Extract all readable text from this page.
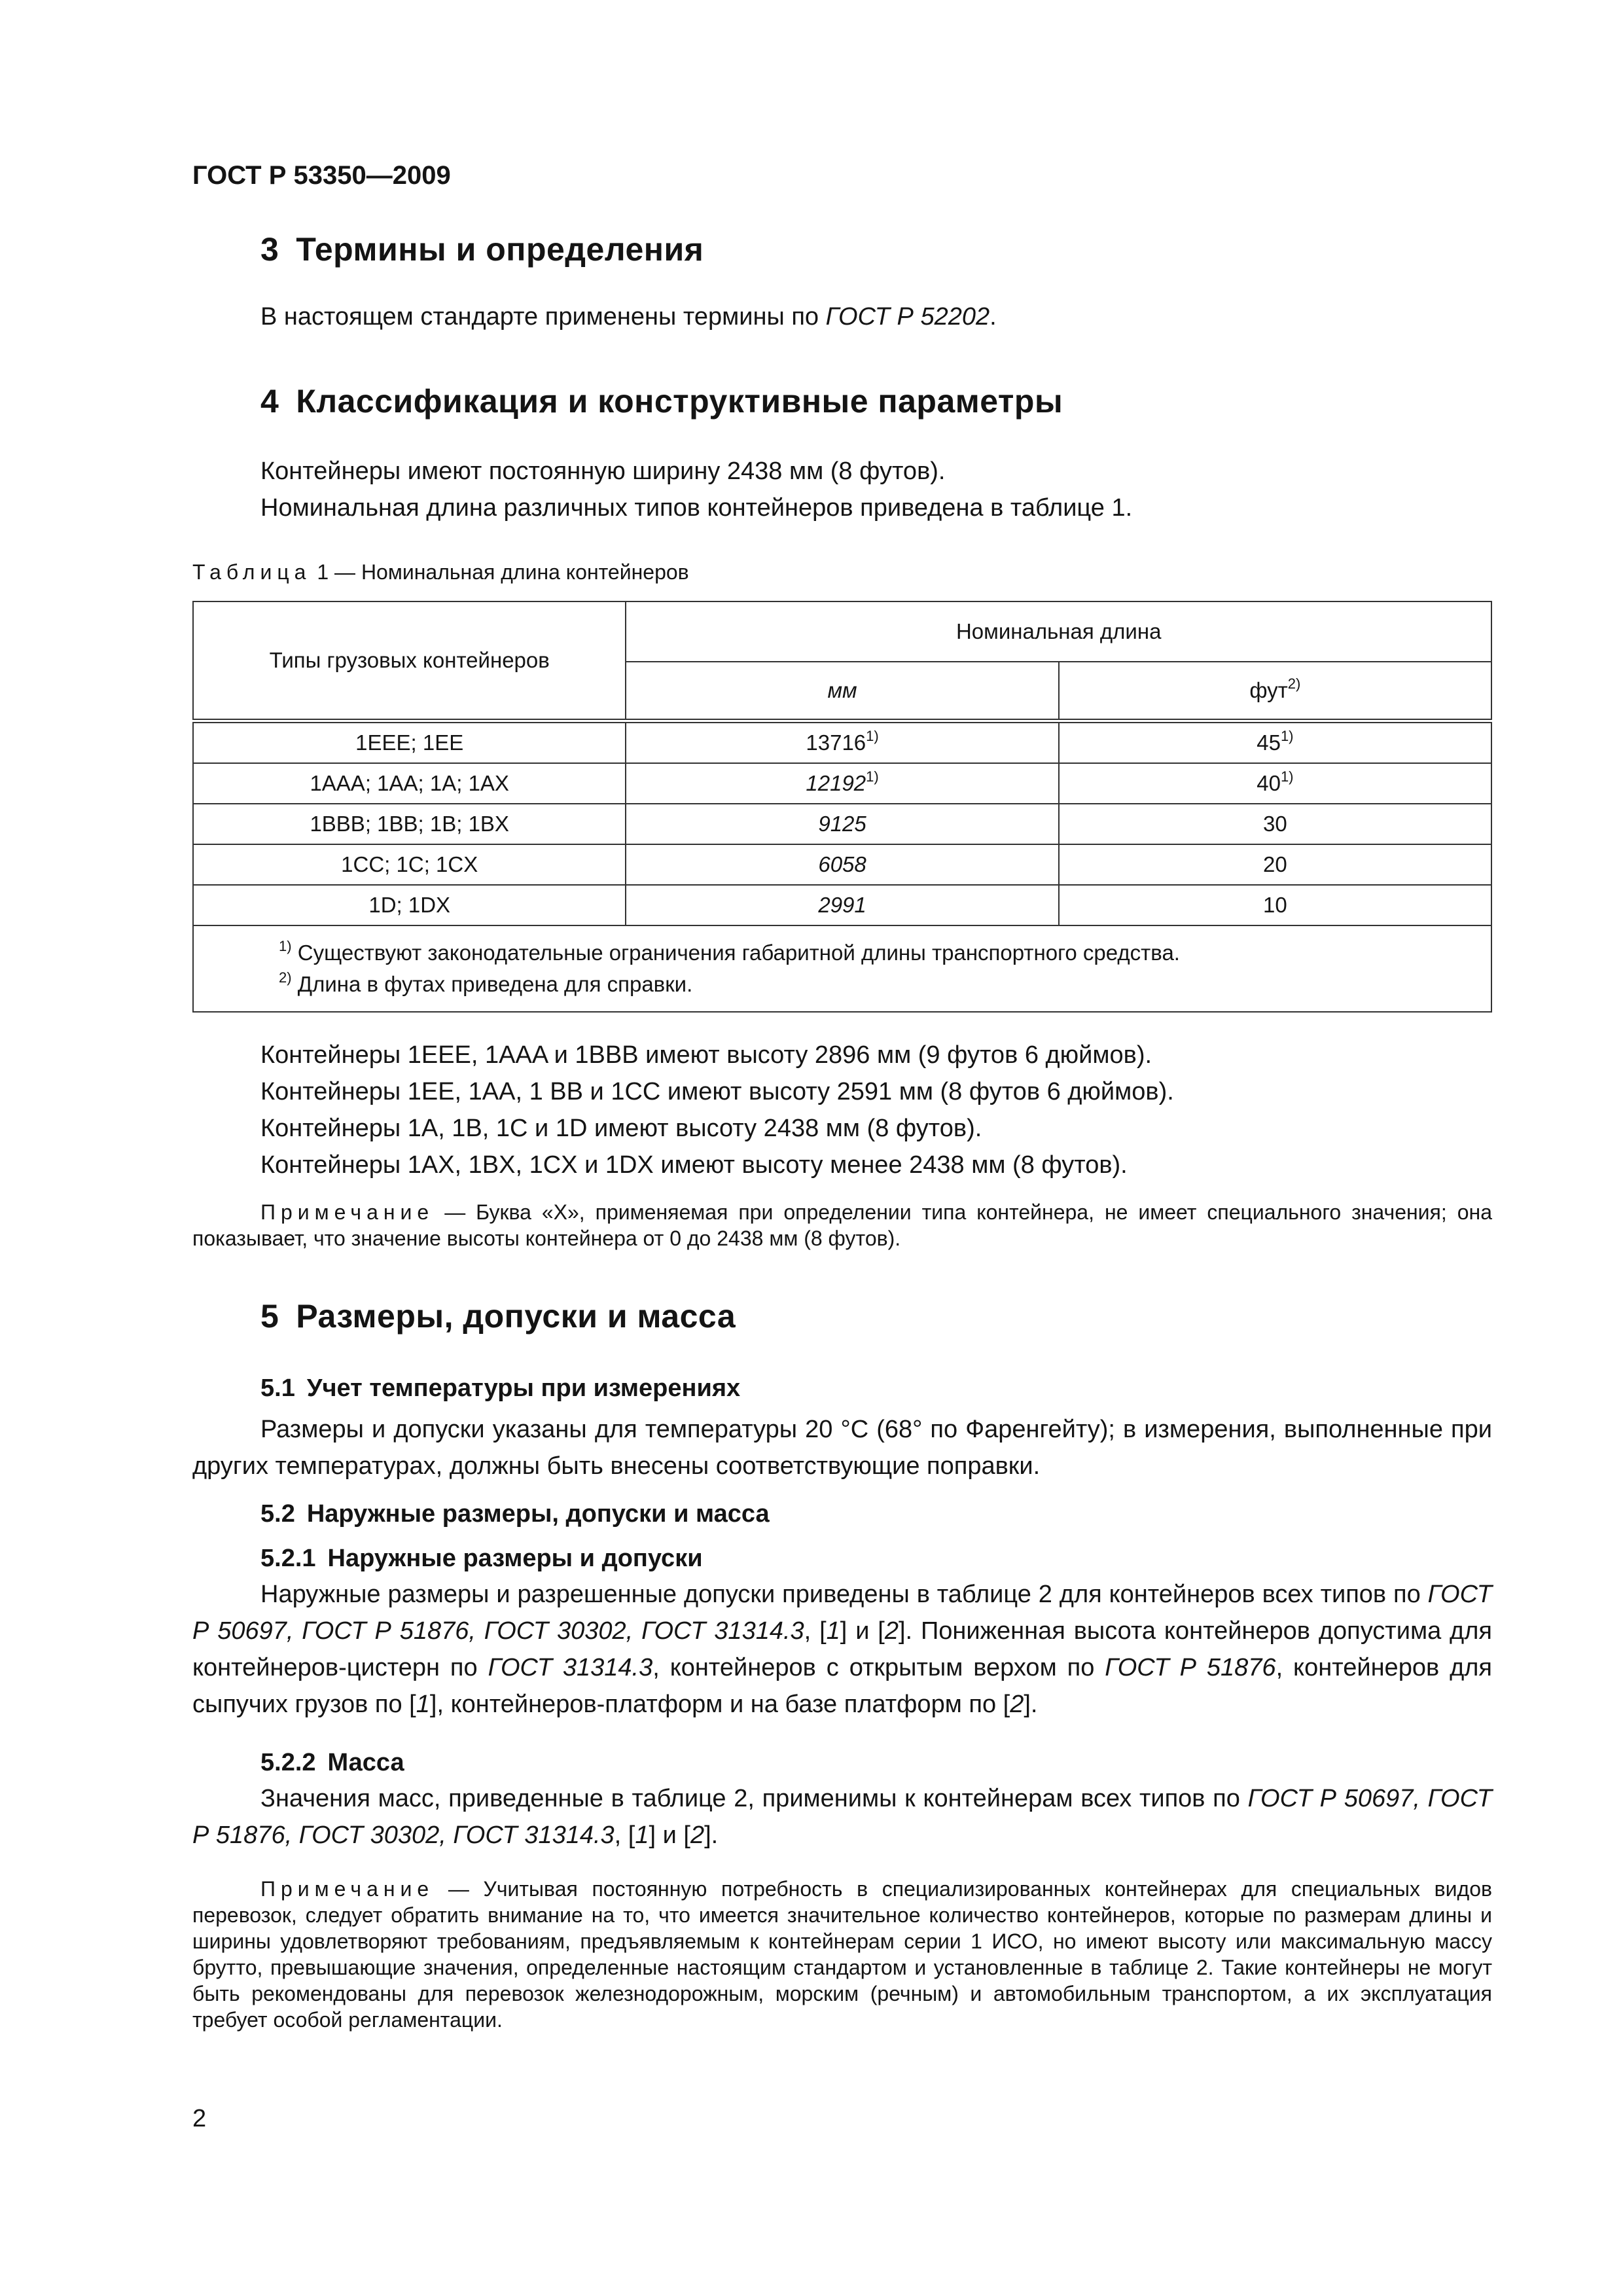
ГОСТ Р 53350—2009
3 Термины и определения
В настоящем стандарте применены термины по ГОСТ Р 52202.
4 Классификация и конструктивные параметры
Контейнеры имеют постоянную ширину 2438 мм (8 футов).
Номинальная длина различных типов контейнеров приведена в таблице 1.
Таблица 1 — Номинальная длина контейнеров
Типы грузовых контейнеров	Номинальная длина	
	мм	фут$^{2)}$
1EEE; 1EE	13716$^{1)}$	45$^{1)}$
1AAA; 1AA; 1A; 1AX	12192$^{1)}$	40$^{1)}$
1BBB; 1BB; 1B; 1BX	9125	30
1CC; 1C; 1CX	6058	20
1D; 1DX	2991	10

$^{1)}$ Существуют законодательные ограничения габаритной длины транспортного средства.
$^{2)}$ Длина в футах приведена для справки.		
Контейнеры 1EEE, 1AAA и 1BBB имеют высоту 2896 мм (9 футов 6 дюймов).
Контейнеры 1EE, 1AA, 1 BB и 1CC имеют высоту 2591 мм (8 футов 6 дюймов).
Контейнеры 1A, 1B, 1C и 1D имеют высоту 2438 мм (8 футов).
Контейнеры 1AX, 1BX, 1CX и 1DX имеют высоту менее 2438 мм (8 футов).
Примечание — Буква «X», применяемая при определении типа контейнера, не имеет специального значения; она показывает, что значение высоты контейнера от 0 до 2438 мм (8 футов).
5 Размеры, допуски и масса
5.1 Учет температуры при измерениях
Размеры и допуски указаны для температуры 20 °С (68° по Фаренгейту); в измерения, выполненные при других температурах, должны быть внесены соответствующие поправки.
5.2 Наружные размеры, допуски и масса
5.2.1 Наружные размеры и допуски
Наружные размеры и разрешенные допуски приведены в таблице 2 для контейнеров всех типов по ГОСТ Р 50697, ГОСТ Р 51876, ГОСТ 30302, ГОСТ 31314.3, [1] и [2]. Пониженная высота контейнеров допустима для контейнеров-цистерн по ГОСТ 31314.3, контейнеров с открытым верхом по ГОСТ Р 51876, контейнеров для сыпучих грузов по [1], контейнеров-платформ и на базе платформ по [2].
5.2.2 Масса
Значения масс, приведенные в таблице 2, применимы к контейнерам всех типов по ГОСТ Р 50697, ГОСТ Р 51876, ГОСТ 30302, ГОСТ 31314.3, [1] и [2].
Примечание — Учитывая постоянную потребность в специализированных контейнерах для специальных видов перевозок, следует обратить внимание на то, что имеется значительное количество контейнеров, которые по размерам длины и ширины удовлетворяют требованиям, предъявляемым к контейнерам серии 1 ИСО, но имеют высоту или максимальную массу брутто, превышающие значения, определенные настоящим стандартом и установленные в таблице 2. Такие контейнеры не могут быть рекомендованы для перевозок железнодорожным, морским (речным) и автомобильным транспортом, а их эксплуатация требует особой регламентации.
2
